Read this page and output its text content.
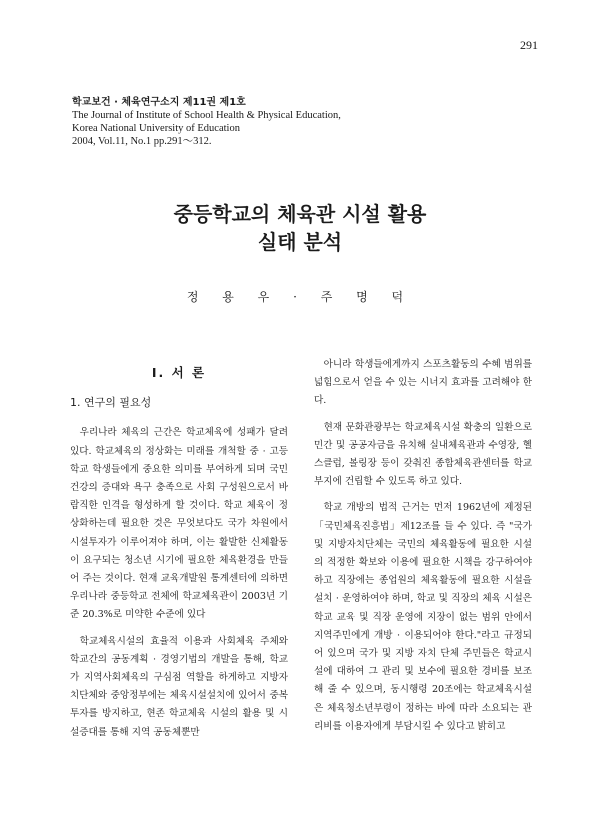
291
학교보건 · 체육연구소지 제11권 제1호
The Journal of Institute of School Health & Physical Education,
Korea National University of Education
2004, Vol.11, No.1 pp.291～312.
중등학교의 체육관 시설 활용
실태 분석
정 용 우 · 주 명 덕
I. 서 론
1. 연구의 필요성

우리나라 체육의 근간은 학교체육에 성패가 달려있다. 학교체육의 정상화는 미래를 개척할 중 · 고등학교 학생들에게 중요한 의미를 부여하게 되며 국민 건강의 증대와 욕구 충족으로 사회 구성원으로서 바람직한 인격을 형성하게 할 것이다. 학교 체육이 정상화하는데 필요한 것은 무엇보다도 국가 차원에서 시설투자가 이루어져야 하며, 이는 활발한 신체활동이 요구되는 청소년 시기에 필요한 체육환경을 만들어 주는 것이다. 현재 교육개발원 통계센터에 의하면 우리나라 중등학교 전체에 학교체육관이 2003년 기준 20.3%로 미약한 수준에 있다

학교체육시설의 효율적 이용과 사회체육 주체와 학교간의 공동계획 · 경영기법의 개발을 통해, 학교가 지역사회체육의 구심점 역할을 하게하고 지방자치단체와 중앙정부에는 체육시설설치에 있어서 중복투자를 방지하고, 현존 학교체육 시설의 활용 및 시설증대를 통해 지역 공동체뿐만

아니라 학생들에게까지 스포츠활동의 수혜 범위를 넓힘으로서 얻을 수 있는 시너지 효과를 고려해야 한다.

현재 문화관광부는 학교체육시설 확충의 일환으로 민간 및 공공자금을 유치해 실내체육관과 수영장, 헬스클럽, 볼링장 등이 갖춰진 종합체육관센터를 학교 부지에 건립할 수 있도록 하고 있다.

학교 개방의 법적 근거는 먼저 1962년에 제정된 「국민체육진흥법」제12조를 들 수 있다. 즉 "국가 및 지방자치단체는 국민의 체육활동에 필요한 시설의 적정한 확보와 이용에 필요한 시책을 강구하여야 하고 직장에는 종업원의 체육활동에 필요한 시설을 설치 · 운영하여야 하며, 학교 및 직장의 체육 시설은 학교 교육 및 직장 운영에 지장이 없는 범위 안에서 지역주민에게 개방 · 이용되어야 한다."라고 규정되어 있으며 국가 및 지방 자치 단체 주민들은 학교시설에 대하여 그 관리 및 보수에 필요한 경비를 보조해 줄 수 있으며, 동시행령 20조에는 학교체육시설은 체육청소년부령이 정하는 바에 따라 소요되는 관리비를 이용자에게 부담시킬 수 있다고 밝히고
